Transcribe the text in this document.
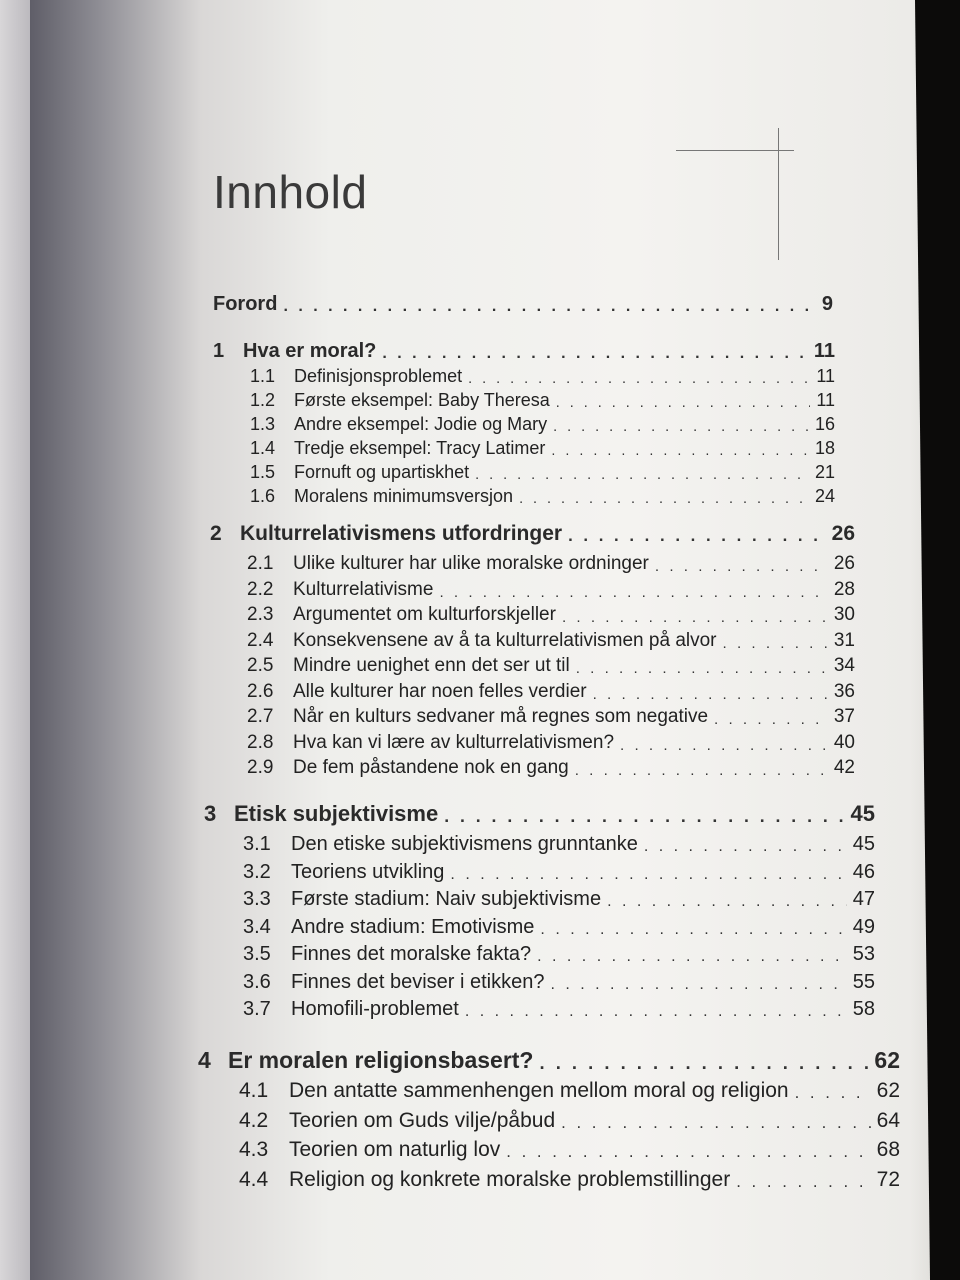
Innhold
Forord . . .	9
1 Hva er moral? . . .	11
1.1	Definisjonsproblemet . . .	11
1.2	Første eksempel: Baby Theresa . . .	11
1.3	Andre eksempel: Jodie og Mary . . .	16
1.4	Tredje eksempel: Tracy Latimer . . .	18
1.5	Fornuft og upartiskhet . . .	21
1.6	Moralens minimumsversjon . . .	24
2 Kulturrelativismens utfordringer . . .	26
2.1	Ulike kulturer har ulike moralske ordninger . . .	26
2.2	Kulturrelativisme . . .	28
2.3	Argumentet om kulturforskjeller . . .	30
2.4	Konsekvensene av å ta kulturrelativismen på alvor . . .	31
2.5	Mindre uenighet enn det ser ut til . . .	34
2.6	Alle kulturer har noen felles verdier . . .	36
2.7	Når en kulturs sedvaner må regnes som negative . . .	37
2.8	Hva kan vi lære av kulturrelativismen? . . .	40
2.9	De fem påstandene nok en gang . . .	42
3 Etisk subjektivisme . . .	45
3.1	Den etiske subjektivismens grunntanke . . .	45
3.2	Teoriens utvikling . . .	46
3.3	Første stadium: Naiv subjektivisme . . .	47
3.4	Andre stadium: Emotivisme . . .	49
3.5	Finnes det moralske fakta? . . .	53
3.6	Finnes det beviser i etikken? . . .	55
3.7	Homofili-problemet . . .	58
4 Er moralen religionsbasert? . . .	62
4.1 Den antatte sammenhengen mellom moral og religion . . .	62
4.2 Teorien om Guds vilje/påbud . . .	64
4.3 Teorien om naturlig lov . . .	68
4.4 Religion og konkrete moralske problemstillinger . . .	72
